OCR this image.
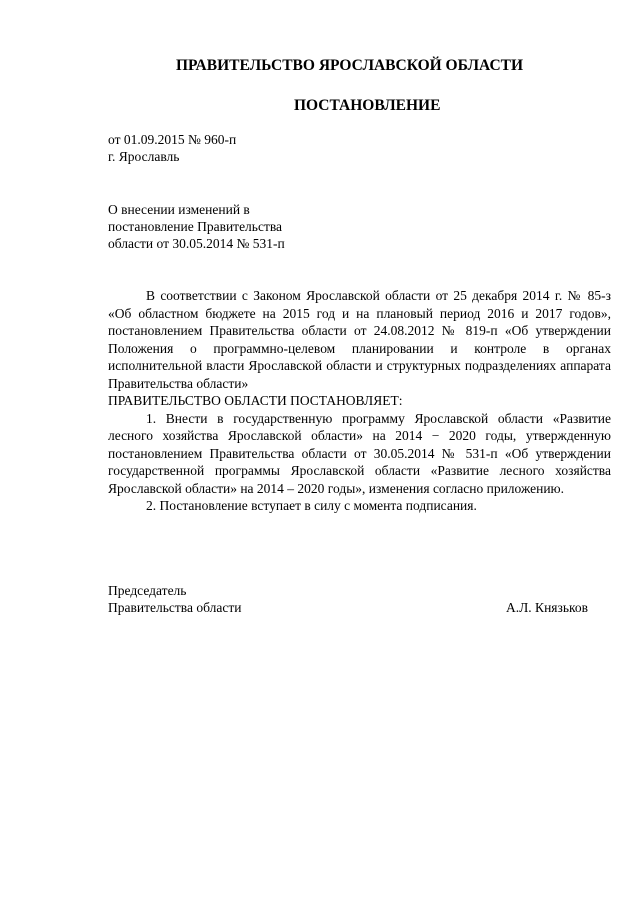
ПРАВИТЕЛЬСТВО ЯРОСЛАВСКОЙ ОБЛАСТИ
ПОСТАНОВЛЕНИЕ
от 01.09.2015 № 960-п
г. Ярославль
О внесении изменений в
постановление Правительства
области от 30.05.2014 № 531-п

В соответствии с Законом Ярославской области от 25 декабря 2014 г. № 85-з «Об областном бюджете на 2015 год и на плановый период 2016 и 2017 годов», постановлением Правительства области от 24.08.2012 № 819-п «Об утверждении Положения о программно-целевом планировании и контроле в органах исполнительной власти Ярославской области и структурных подразделениях аппарата Правительства области»

ПРАВИТЕЛЬСТВО ОБЛАСТИ ПОСТАНОВЛЯЕТ:

1. Внести в государственную программу Ярославской области «Развитие лесного хозяйства Ярославской области» на 2014 − 2020 годы, утвержденную постановлением Правительства области от 30.05.2014 № 531-п «Об утверждении государственной программы Ярославской области «Развитие лесного хозяйства Ярославской области» на 2014 – 2020 годы», изменения согласно приложению.

2. Постановление вступает в силу с момента подписания.

Председатель
Правительства области	А.Л. Князьков
